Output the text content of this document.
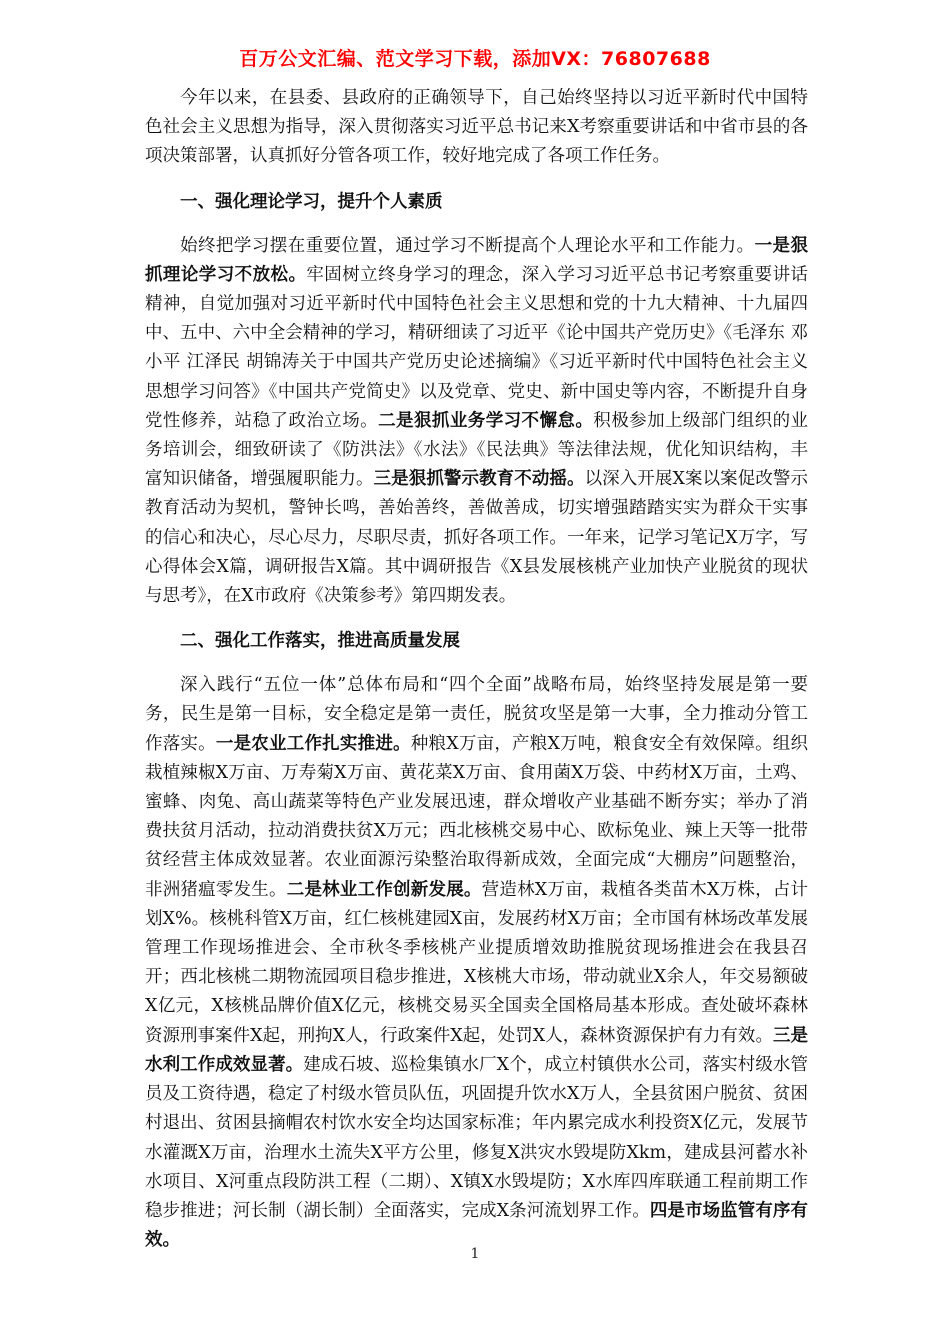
百万公文汇编、范文学习下载，添加VX：76807688

今年以来，在县委、县政府的正确领导下，自己始终坚持以习近平新时代中国特色社会主义思想为指导，深入贯彻落实习近平总书记来X考察重要讲话和中省市县的各项决策部署，认真抓好分管各项工作，较好地完成了各项工作任务。

一、强化理论学习，提升个人素质

始终把学习摆在重要位置，通过学习不断提高个人理论水平和工作能力。一是狠抓理论学习不放松。牢固树立终身学习的理念，深入学习习近平总书记考察重要讲话精神，自觉加强对习近平新时代中国特色社会主义思想和党的十九大精神、十九届四中、五中、六中全会精神的学习，精研细读了习近平《论中国共产党历史》《毛泽东 邓小平 江泽民 胡锦涛关于中国共产党历史论述摘编》《习近平新时代中国特色社会主义思想学习问答》《中国共产党简史》以及党章、党史、新中国史等内容，不断提升自身党性修养，站稳了政治立场。二是狠抓业务学习不懈怠。积极参加上级部门组织的业务培训会，细致研读了《防洪法》《水法》《民法典》等法律法规，优化知识结构，丰富知识储备，增强履职能力。三是狠抓警示教育不动摇。以深入开展X案以案促改警示教育活动为契机，警钟长鸣，善始善终，善做善成，切实增强踏踏实实为群众干实事的信心和决心，尽心尽力，尽职尽责，抓好各项工作。一年来，记学习笔记X万字，写心得体会X篇，调研报告X篇。其中调研报告《X县发展核桃产业加快产业脱贫的现状与思考》，在X市政府《决策参考》第四期发表。

二、强化工作落实，推进高质量发展

深入践行“五位一体”总体布局和“四个全面”战略布局，始终坚持发展是第一要务，民生是第一目标，安全稳定是第一责任，脱贫攻坚是第一大事，全力推动分管工作落实。一是农业工作扎实推进。种粮X万亩，产粮X万吨，粮食安全有效保障。组织栽植辣椒X万亩、万寿菊X万亩、黄花菜X万亩、食用菌X万袋、中药材X万亩，土鸡、蜜蜂、肉兔、高山蔬菜等特色产业发展迅速，群众增收产业基础不断夯实；举办了消费扶贫月活动，拉动消费扶贫X万元；西北核桃交易中心、欧标兔业、辣上天等一批带贫经营主体成效显著。农业面源污染整治取得新成效，全面完成“大棚房”问题整治，非洲猪瘟零发生。二是林业工作创新发展。营造林X万亩，栽植各类苗木X万株，占计划X%。核桃科管X万亩，红仁核桃建园X亩，发展药材X万亩；全市国有林场改革发展管理工作现场推进会、全市秋冬季核桃产业提质增效助推脱贫现场推进会在我县召开；西北核桃二期物流园项目稳步推进，X核桃大市场，带动就业X余人，年交易额破X亿元，X核桃品牌价值X亿元，核桃交易买全国卖全国格局基本形成。查处破坏森林资源刑事案件X起，刑拘X人，行政案件X起，处罚X人，森林资源保护有力有效。三是水利工作成效显著。建成石坡、巡检集镇水厂X个，成立村镇供水公司，落实村级水管员及工资待遇，稳定了村级水管员队伍，巩固提升饮水X万人，全县贫困户脱贫、贫困村退出、贫困县摘帽农村饮水安全均达国家标准；年内累完成水利投资X亿元，发展节水灌溉X万亩，治理水土流失X平方公里，修复X洪灾水毁堤防Xkm，建成县河蓄水补水项目、X河重点段防洪工程（二期）、X镇X水毁堤防；X水库四库联通工程前期工作稳步推进；河长制（湖长制）全面落实，完成X条河流划界工作。四是市场监管有序有效。

1
